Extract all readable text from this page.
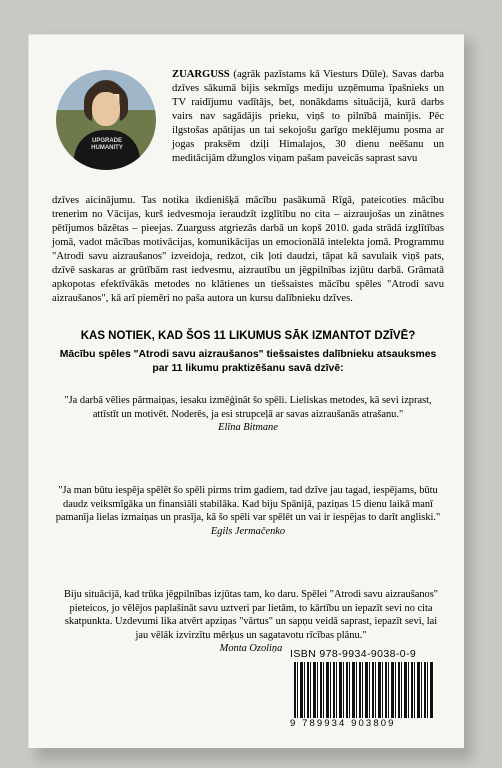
UPGRADE HUMANITY
ZUARGUSS (agrāk pazīstams kā Viesturs Dūle). Savas darba dzīves sākumā bijis sekmīgs mediju uzņēmuma īpašnieks un TV raidījumu vadītājs, bet, nonākdams situācijā, kurā darbs vairs nav sagādājis prieku, viņš to pilnībā mainījis. Pēc ilgstošas apātijas un tai sekojošu garīgo meklējumu posma ar jogas praksēm dziļi Himalajos, 30 dienu neēšanu un meditācijām džunglos viņam pašam paveicās saprast savu
dzīves aicinājumu. Tas notika ikdienišķā mācību pasākumā Rīgā, pateicoties mācību trenerim no Vācijas, kurš iedvesmoja ieraudzīt izglītību no cita – aizraujošas un zinātnes pētījumos bāzētas – pieejas. Zuarguss atgriezās darbā un kopš 2010. gada strādā izglītības jomā, vadot mācības motivācijas, komunikācijas un emocionālā intelekta jomā. Programmu "Atrodi savu aizraušanos" izveidoja, redzot, cik ļoti daudzi, tāpat kā savulaik viņš pats, dzīvē saskaras ar grūtībām rast iedvesmu, aizrautību un jēgpilnības izjūtu darbā. Grāmatā apkopotas efektīvākās metodes no klātienes un tiešsaistes mācību spēles "Atrodi savu aizraušanos", kā arī piemēri no paša autora un kursu dalībnieku dzīves.
KAS NOTIEK, KAD ŠOS 11 LIKUMUS SĀK IZMANTOT DZĪVĒ?
Mācību spēles "Atrodi savu aizraušanos" tiešsaistes dalībnieku atsauksmes par 11 likumu praktizēšanu savā dzīvē:
"Ja darbā vēlies pārmaiņas, iesaku izmēģināt šo spēli. Lieliskas metodes, kā sevi izprast, attīstīt un motivēt. Noderēs, ja esi strupceļā ar savas aizraušanās atrašanu."
Elīna Bitmane
"Ja man būtu iespēja spēlēt šo spēli pirms trim gadiem, tad dzīve jau tagad, iespējams, būtu daudz veiksmīgāka un finansiāli stabilāka. Kad biju Spānijā, paziņas 15 dienu laikā manī pamanīja lielas izmaiņas un prasīja, kā šo spēli var spēlēt un vai ir iespējas to darīt angliski."
Egils Jermačenko
Biju situācijā, kad trūka jēgpilnības izjūtas tam, ko daru. Spēlei "Atrodi savu aizraušanos" pieteicos, jo vēlējos paplašināt savu uztveri par lietām, to kārtību un iepazīt sevi no cita skatpunkta. Uzdevumi lika atvērt apziņas "vārtus" un sapņu veidā saprast, iepazīt sevi, lai jau vēlāk izvirzītu mērķus un sagatavotu rīcības plānu."
Monta Ozoliņa ISBN 978-9934-9038-0-9
9 789934 903809
